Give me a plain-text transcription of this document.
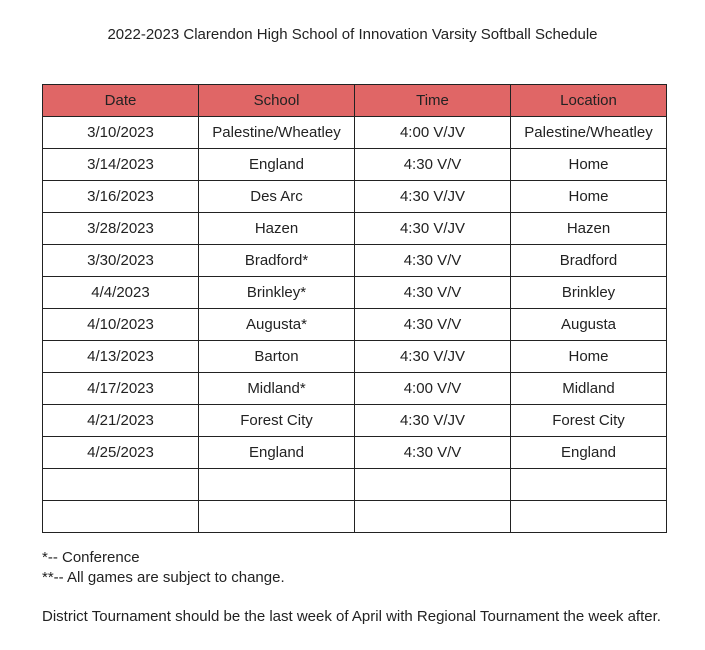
2022-2023 Clarendon High School of Innovation Varsity Softball Schedule
Date	School	Time	Location
3/10/2023	Palestine/Wheatley	4:00 V/JV	Palestine/Wheatley
3/14/2023	England	4:30 V/V	Home
3/16/2023	Des Arc	4:30 V/JV	Home
3/28/2023	Hazen	4:30 V/JV	Hazen
3/30/2023	Bradford*	4:30 V/V	Bradford
4/4/2023	Brinkley*	4:30 V/V	Brinkley
4/10/2023	Augusta*	4:30 V/V	Augusta
4/13/2023	Barton	4:30 V/JV	Home
4/17/2023	Midland*	4:00 V/V	Midland
4/21/2023	Forest City	4:30 V/JV	Forest City
4/25/2023	England	4:30 V/V	England

*-- Conference
**-- All games are subject to change.
District Tournament should be the last week of April with Regional Tournament the week after.
